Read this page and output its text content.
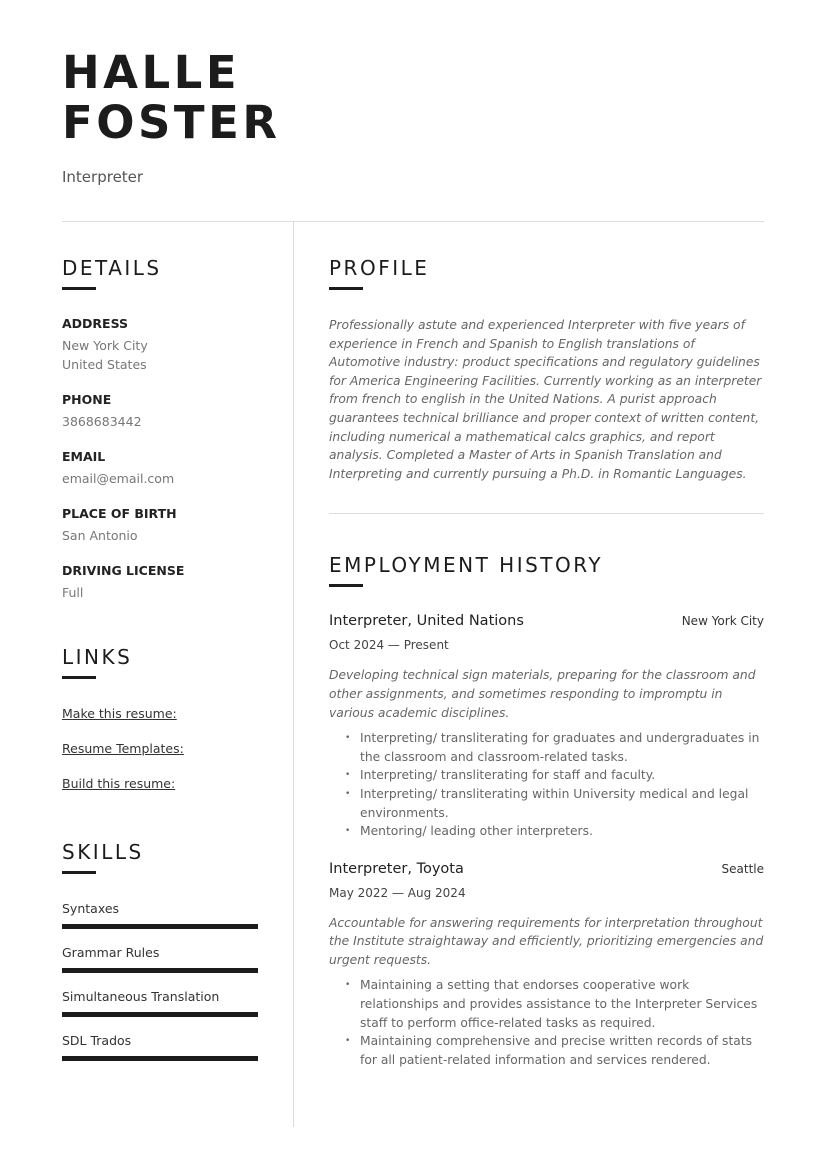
HALLE
FOSTER
Interpreter
DETAILS
ADDRESS
New York City
United States
PHONE
3868683442
EMAIL
email@email.com
PLACE OF BIRTH
San Antonio
DRIVING LICENSE
Full
LINKS
Make this resume:
Resume Templates:
Build this resume:
SKILLS
Syntaxes
Grammar Rules
Simultaneous Translation
SDL Trados
PROFILE
Professionally astute and experienced Interpreter with five years of experience in French and Spanish to English translations of Automotive industry: product specifications and regulatory guidelines for America Engineering Facilities. Currently working as an interpreter from french to english in the United Nations. A purist approach guarantees technical brilliance and proper context of written content, including numerical a mathematical calcs graphics, and report analysis. Completed a Master of Arts in Spanish Translation and Interpreting and currently pursuing a Ph.D. in Romantic Languages.
EMPLOYMENT HISTORY
Interpreter, United Nations	New York City
Oct 2024 — Present
Developing technical sign materials, preparing for the classroom and other assignments, and sometimes responding to impromptu in various academic disciplines.
• Interpreting/ transliterating for graduates and undergraduates in the classroom and classroom-related tasks.
• Interpreting/ transliterating for staff and faculty.
• Interpreting/ transliterating within University medical and legal environments.
• Mentoring/ leading other interpreters.
Interpreter, Toyota	Seattle
May 2022 — Aug 2024
Accountable for answering requirements for interpretation throughout the Institute straightaway and efficiently, prioritizing emergencies and urgent requests.
• Maintaining a setting that endorses cooperative work relationships and provides assistance to the Interpreter Services staff to perform office-related tasks as required.
• Maintaining comprehensive and precise written records of stats for all patient-related information and services rendered.
